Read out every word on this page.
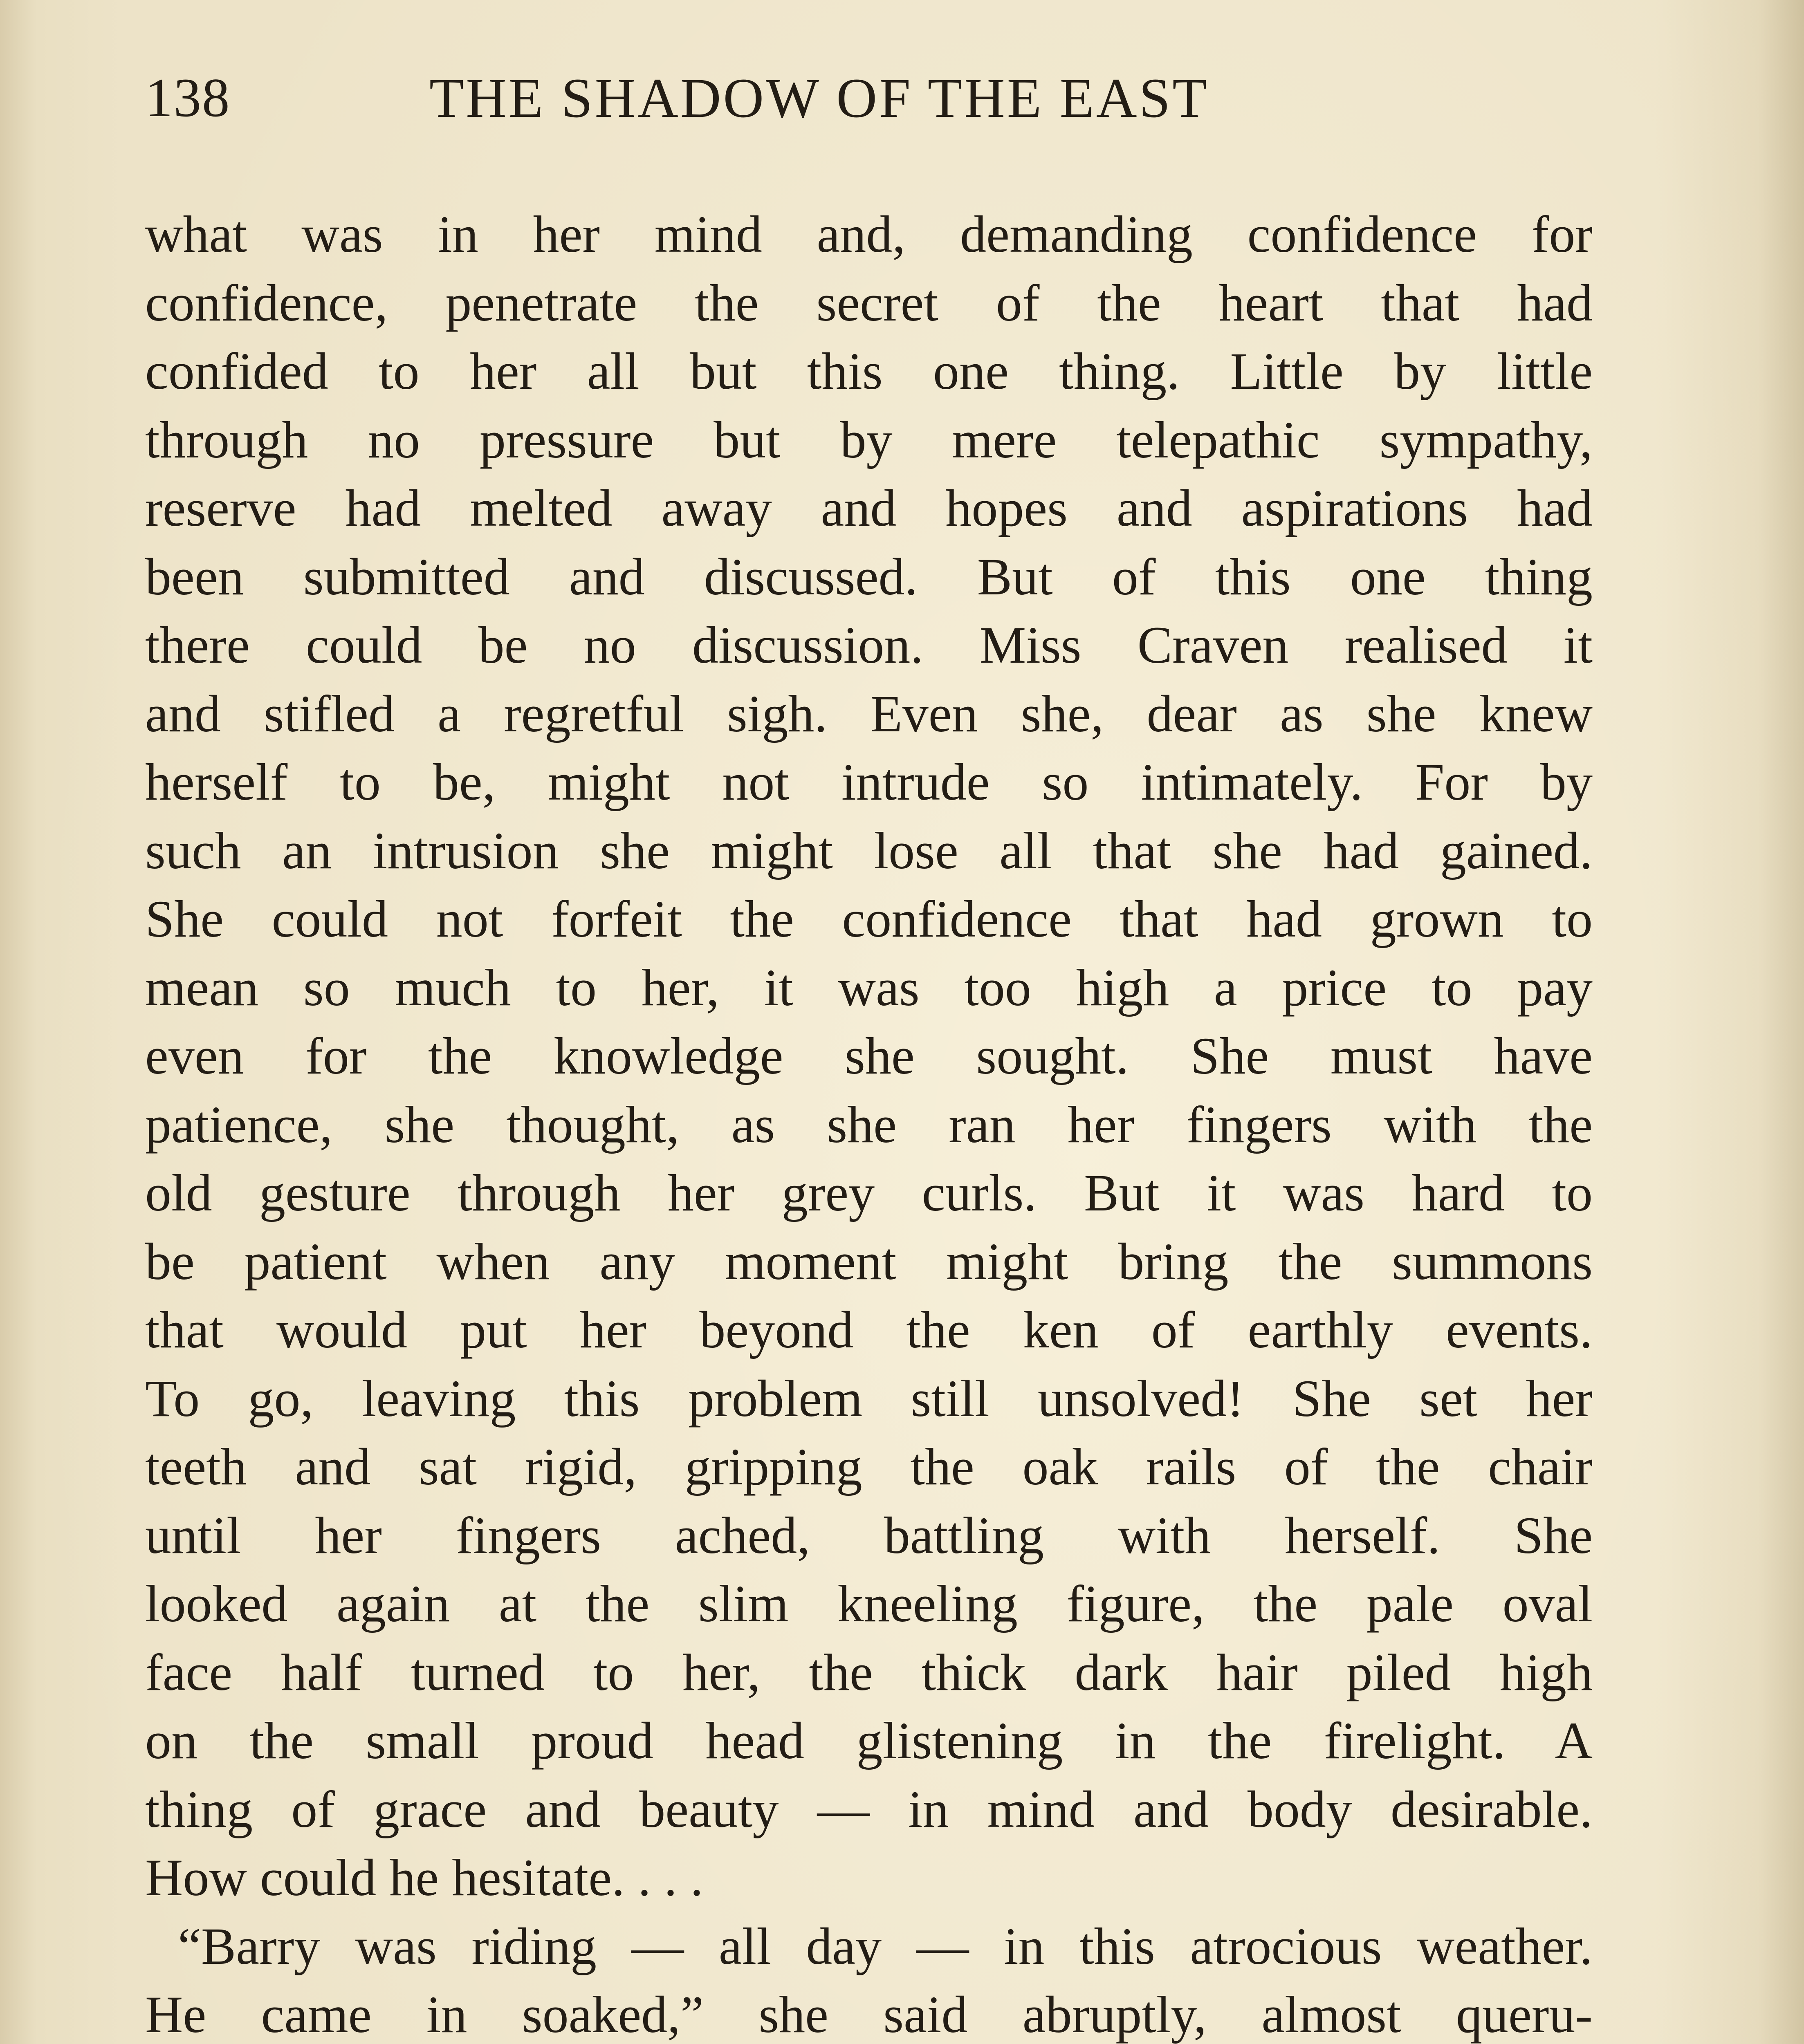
138	THE SHADOW OF THE EAST
what was in her mind and, demanding confidence for
confidence, penetrate the secret of the heart that had
confided to her all but this one thing. Little by little
through no pressure but by mere telepathic sympathy,
reserve had melted away and hopes and aspirations had
been submitted and discussed. But of this one thing
there could be no discussion. Miss Craven realised it
and stifled a regretful sigh. Even she, dear as she knew
herself to be, might not intrude so intimately. For by
such an intrusion she might lose all that she had gained.
She could not forfeit the confidence that had grown to
mean so much to her, it was too high a price to pay
even for the knowledge she sought. She must have
patience, she thought, as she ran her fingers with the
old gesture through her grey curls. But it was hard to
be patient when any moment might bring the summons
that would put her beyond the ken of earthly events.
To go, leaving this problem still unsolved! She set her
teeth and sat rigid, gripping the oak rails of the chair
until her fingers ached, battling with herself. She
looked again at the slim kneeling figure, the pale oval
face half turned to her, the thick dark hair piled high
on the small proud head glistening in the firelight. A
thing of grace and beauty — in mind and body desirable.
How could he hesitate. . . .
“Barry was riding — all day — in this atrocious weather.
He came in soaked,” she said abruptly, almost queru-
